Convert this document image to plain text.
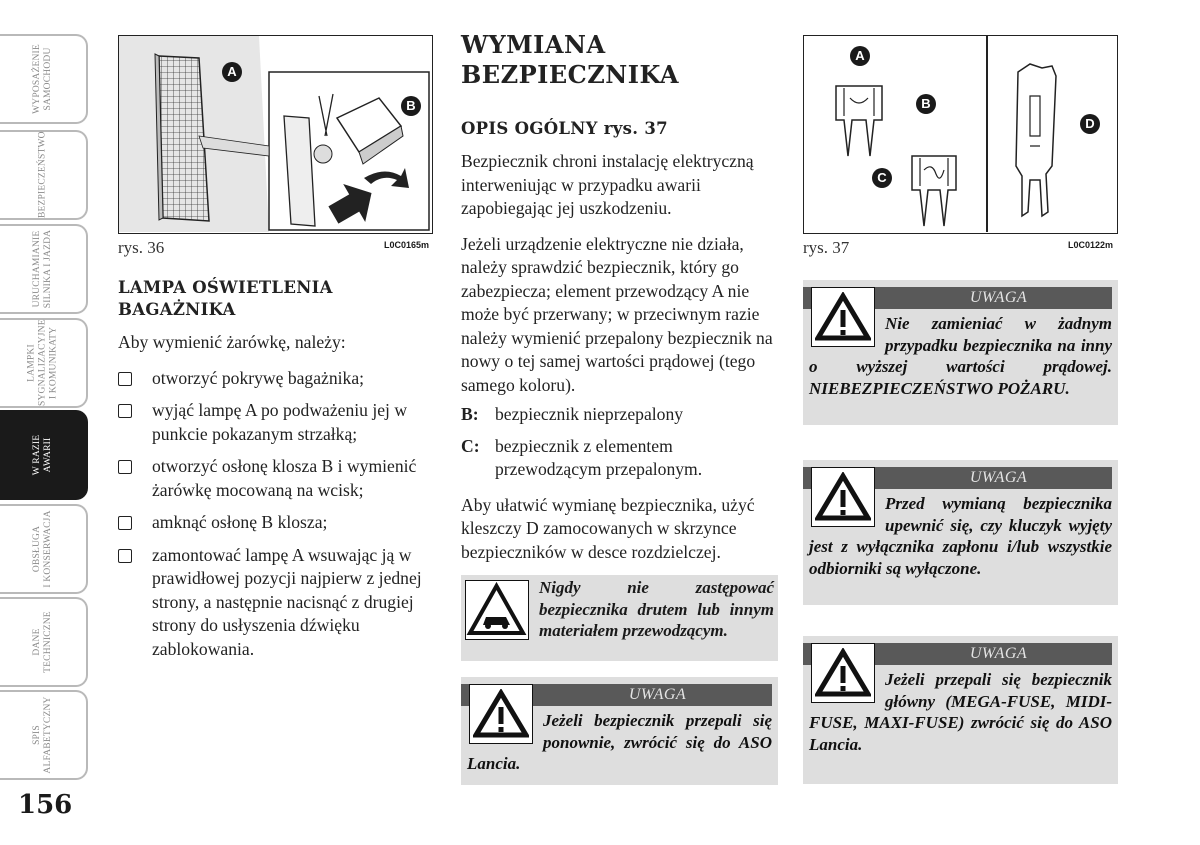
WYPOSAŻENIE
SAMOCHODU
BEZPIECZEŃSTWO
URUCHAMIANIE
SILNIKA I JAZDA
LAMPKI
SYGNALIZACYJNE
I KOMUNIKATY
W RAZIE
AWARII
OBSŁUGA
I KONSERWACJA
DANE
TECHNICZNE
SPIS
ALFABETYCZNY
156
A
B
rys. 36	L0C0165m
LAMPA OŚWIETLENIA BAGAŻNIKA

Aby wymienić żarówkę, należy:

otworzyć pokrywę bagażnika;
wyjąć lampę A po podważeniu jej w punkcie pokazanym strzałką;
otworzyć osłonę klosza B i wymienić żarówkę mocowaną na wcisk;
amknąć osłonę B klosza;
zamontować lampę A wsuwając ją w prawidłowej pozycji najpierw z jednej strony, a następnie nacisnąć z drugiej strony do usłyszenia dźwięku zablokowania.
WYMIANA
BEZPIECZNIKA
OPIS OGÓLNY rys. 37

Bezpiecznik chroni instalację elektryczną interweniując w przypadku awarii zapobiegając jej uszkodzeniu.

Jeżeli urządzenie elektryczne nie działa, należy sprawdzić bezpiecznik, który go zabezpiecza; element przewodzący A nie może być przerwany; w przeciwnym razie należy wymienić przepalony bezpiecznik na nowy o tej samej wartości prądowej (tego samego koloru).

B: bezpiecznik nieprzepalony
C: bezpiecznik z elementem przewodzącym przepalonym.

Aby ułatwić wymianę bezpiecznika, użyć kleszczy D zamocowanych w skrzynce bezpieczników w desce rozdzielczej.

Nigdy nie zastępować bezpiecznika drutem lub innym materiałem przewodzącym.
UWAGA
Jeżeli bezpiecznik przepali się ponownie, zwrócić się do ASO Lancia.
A
B
C
D
rys. 37	L0C0122m
UWAGA
Nie zamieniać w żadnym przypadku bezpiecznika na inny o wyższej wartości prądowej. NIEBEZPIECZEŃSTWO POŻARU.
UWAGA
Przed wymianą bezpiecznika upewnić się, czy kluczyk wyjęty jest z wyłącznika zapłonu i/lub wszystkie odbiorniki są wyłączone.
UWAGA
Jeżeli przepali się bezpiecznik główny (MEGA-FUSE, MIDI-FUSE, MAXI-FUSE) zwrócić się do ASO Lancia.
